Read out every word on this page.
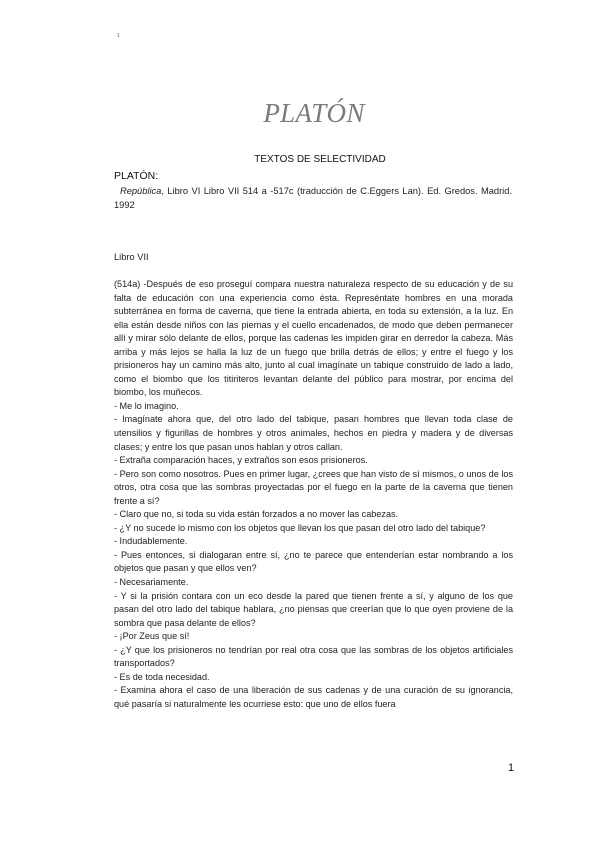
1
PLATÓN
TEXTOS DE SELECTIVIDAD
PLATÓN:
República, Libro VI Libro VII 514 a -517c (traducción de C.Eggers Lan). Ed. Gredos. Madrid. 1992
Libro VII

(514a) -Después de eso proseguí compara nuestra naturaleza respecto de su educación y de su falta de educación con una experiencia como ésta. Represéntate hombres en una morada subterránea en forma de caverna, que tiene la entrada abierta, en toda su extensión, a la luz. En ella están desde niños con las piernas y el cuello encadenados, de modo que deben permanecer allí y mirar sólo delante de ellos, porque las cadenas les impiden girar en derredor la cabeza. Más arriba y más lejos se halla la luz de un fuego que brilla detrás de ellos; y entre el fuego y los prisioneros hay un camino más alto, junto al cual imagínate un tabique construido de lado a lado, como el biombo que los titiriteros levantan delante del público para mostrar, por encima del biombo, los muñecos.

- Me lo imagino.

- Imagínate ahora que, del otro lado del tabique, pasan hombres que llevan toda clase de utensilios y figurillas de hombres y otros animales, hechos en piedra y madera y de diversas clases; y entre los que pasan unos hablan y otros callan.

- Extraña comparación haces, y extraños son esos prisioneros.

- Pero son como nosotros. Pues en primer lugar, ¿crees que han visto de sí mismos, o unos de los otros, otra cosa que las sombras proyectadas por el fuego en la parte de la caverna que tienen frente a sí?

- Claro que no, si toda su vida están forzados a no mover las cabezas.

- ¿Y no sucede lo mismo con los objetos que llevan los que pasan del otro lado del tabique?

- Indudablemente.

- Pues entonces, si dialogaran entre sí, ¿no te parece que entenderían estar nombrando a los objetos que pasan y que ellos ven?

- Necesariamente.

- Y si la prisión contara con un eco desde la pared que tienen frente a sí, y alguno de los que pasan del otro lado del tabique hablara, ¿no piensas que creerían que lo que oyen proviene de la sombra que pasa delante de ellos?

- ¡Por Zeus que sí!

- ¿Y que los prisioneros no tendrían por real otra cosa que las sombras de los objetos artificiales transportados?

- Es de toda necesidad.

- Examina ahora el caso de una liberación de sus cadenas y de una curación de su ignorancia, qué pasaría si naturalmente les ocurriese esto: que uno de ellos fuera

1
